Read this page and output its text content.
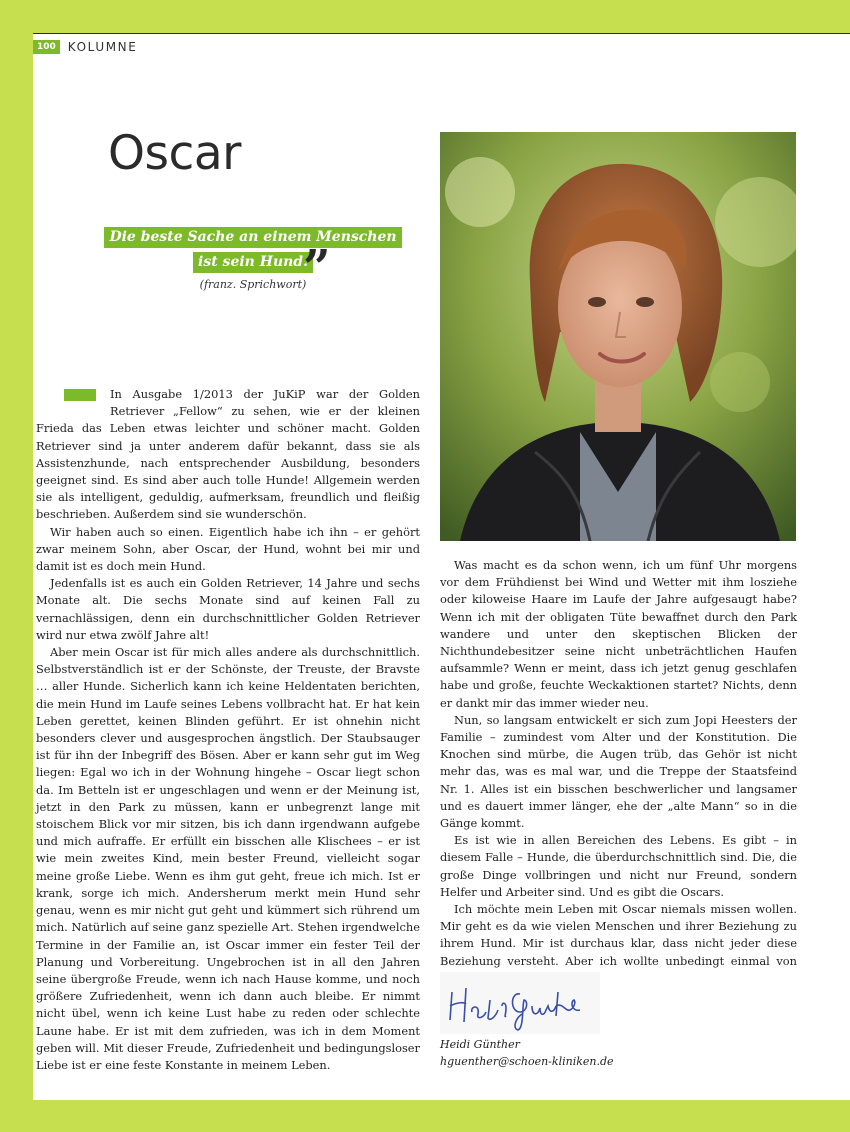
100	KOLUMNE
Oscar
Die beste Sache an einem Menschen
ist sein Hund.
(franz. Sprichwort)
”

In Ausgabe 1/2013 der JuKiP war der Golden Retriever „Fellow“ zu sehen, wie er der kleinen Frieda das Leben etwas leichter und schöner macht. Golden Retriever sind ja unter anderem dafür bekannt, dass sie als Assistenzhunde, nach entsprechender Ausbildung, besonders geeignet sind. Es sind aber auch tolle Hunde! Allgemein werden sie als intelligent, geduldig, aufmerksam, freundlich und fleißig beschrieben. Außerdem sind sie wunderschön.

Wir haben auch so einen. Eigentlich habe ich ihn – er gehört zwar meinem Sohn, aber Oscar, der Hund, wohnt bei mir und damit ist es doch mein Hund.

Jedenfalls ist es auch ein Golden Retriever, 14 Jahre und sechs Monate alt. Die sechs Monate sind auf keinen Fall zu vernachlässigen, denn ein durchschnittlicher Golden Retriever wird nur etwa zwölf Jahre alt!

Aber mein Oscar ist für mich alles andere als durchschnittlich. Selbstverständlich ist er der Schönste, der Treuste, der Bravste … aller Hunde. Sicherlich kann ich keine Heldentaten berichten, die mein Hund im Laufe seines Lebens vollbracht hat. Er hat kein Leben gerettet, keinen Blinden geführt. Er ist ohnehin nicht besonders clever und ausgesprochen ängstlich. Der Staubsauger ist für ihn der Inbegriff des Bösen. Aber er kann sehr gut im Weg liegen: Egal wo ich in der Wohnung hingehe – Oscar liegt schon da. Im Betteln ist er ungeschlagen und wenn er der Meinung ist, jetzt in den Park zu müssen, kann er unbegrenzt lange mit stoischem Blick vor mir sitzen, bis ich dann irgendwann aufgebe und mich aufraffe. Er erfüllt ein bisschen alle Klischees – er ist wie mein zweites Kind, mein bester Freund, vielleicht sogar meine große Liebe. Wenn es ihm gut geht, freue ich mich. Ist er krank, sorge ich mich. Andersherum merkt mein Hund sehr genau, wenn es mir nicht gut geht und kümmert sich rührend um mich. Natürlich auf seine ganz spezielle Art. Stehen irgendwelche Termine in der Familie an, ist Oscar immer ein fester Teil der Planung und Vorbereitung. Ungebrochen ist in all den Jahren seine übergroße Freude, wenn ich nach Hause komme, und noch größere Zufriedenheit, wenn ich dann auch bleibe. Er nimmt nicht übel, wenn ich keine Lust habe zu reden oder schlechte Laune habe. Er ist mit dem zufrieden, was ich in dem Moment geben will. Mit dieser Freude, Zufriedenheit und bedingungsloser Liebe ist er eine feste Konstante in meinem Leben.

Was macht es da schon wenn, ich um fünf Uhr morgens vor dem Frühdienst bei Wind und Wetter mit ihm losziehe oder kiloweise Haare im Laufe der Jahre aufgesaugt habe? Wenn ich mit der obligaten Tüte bewaffnet durch den Park wandere und unter den skeptischen Blicken der Nichthundebesitzer seine nicht unbeträchtlichen Haufen aufsammle? Wenn er meint, dass ich jetzt genug geschlafen habe und große, feuchte Weckaktionen startet? Nichts, denn er dankt mir das immer wieder neu.

Nun, so langsam entwickelt er sich zum Jopi Heesters der Familie – zumindest vom Alter und der Konstitution. Die Knochen sind mürbe, die Augen trüb, das Gehör ist nicht mehr das, was es mal war, und die Treppe der Staatsfeind Nr. 1. Alles ist ein bisschen beschwerlicher und langsamer und es dauert immer länger, ehe der „alte Mann“ so in die Gänge kommt.

Es ist wie in allen Bereichen des Lebens. Es gibt – in diesem Falle – Hunde, die überdurchschnittlich sind. Die, die große Dinge vollbringen und nicht nur Freund, sondern Helfer und Arbeiter sind. Und es gibt die Oscars.

Ich möchte mein Leben mit Oscar niemals missen wollen. Mir geht es da wie vielen Menschen und ihrer Beziehung zu ihrem Hund. Mir ist durchaus klar, dass nicht jeder diese Beziehung versteht. Aber ich wollte unbedingt einmal von

Heidi Günther
hguenther@schoen-kliniken.de
